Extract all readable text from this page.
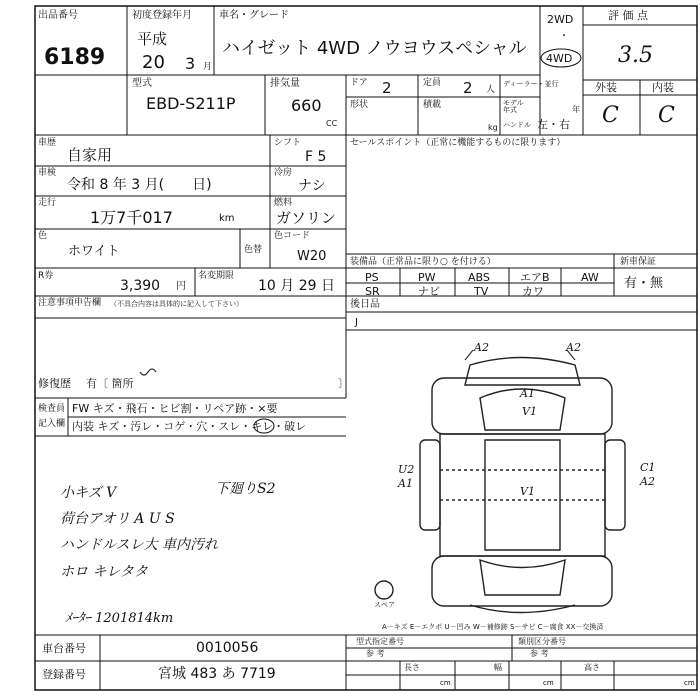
出品番号
6189
初度登録年月
平成
20 3 月
車名・グレード
ハイゼット 4WD ノウヨウスペシャル
2WD
・
4WD
評 価 点
3.5
型式
EBD-S211P
排気量
660
CC
ドア 2
形状
定員 2 人
積載
kg
ディーラー・並行
モデル
年式	年
ハンドル 左・右
外装	内装
C C
車歴
自家用
シフト
F 5
車検
令和 8 年 3 月(　　日)
冷房
ナシ
走行
1万7千017	km
燃料
ガソリン
色
ホワイト	色替
色コード
W20
R券
3,390 円
名変期限
10 月 29 日
セールスポイント（正常に機能するものに限ります）
装備品（正常品に限り○ を付ける）	新車保証
PS	PW	ABS	エアB	AW
SR	ナビ	TV	カワ
有・無
後日品
J
注意事項申告欄 （不具合内容は具体的に記入して下さい）
修復歴 有〔 箇所	〕
検査員
記入欄
FW キズ・飛石・ヒビ割・リペア跡・×要
内装 キズ・汚レ・コゲ・穴・スレ・キレ・破レ
小キズ V
荷台アオリ A U S
ハンドルスレ大 車内汚れ
ホロ キレタタ
下廻りS2
ﾒｰﾀｰ 1201814km
A2	A2
A1
V1
U2
A1
V1
C1
A2
スペア
A－キズ E－エクボ U－凹み W－補修跡 S－サビ C－腐食 XX－交換済
車台番号	0010056
登録番号	宮城 483 あ 7719
型式指定番号
参 考
類別区分番号
参 考
長さ	幅	高さ
cm	cm	cm
